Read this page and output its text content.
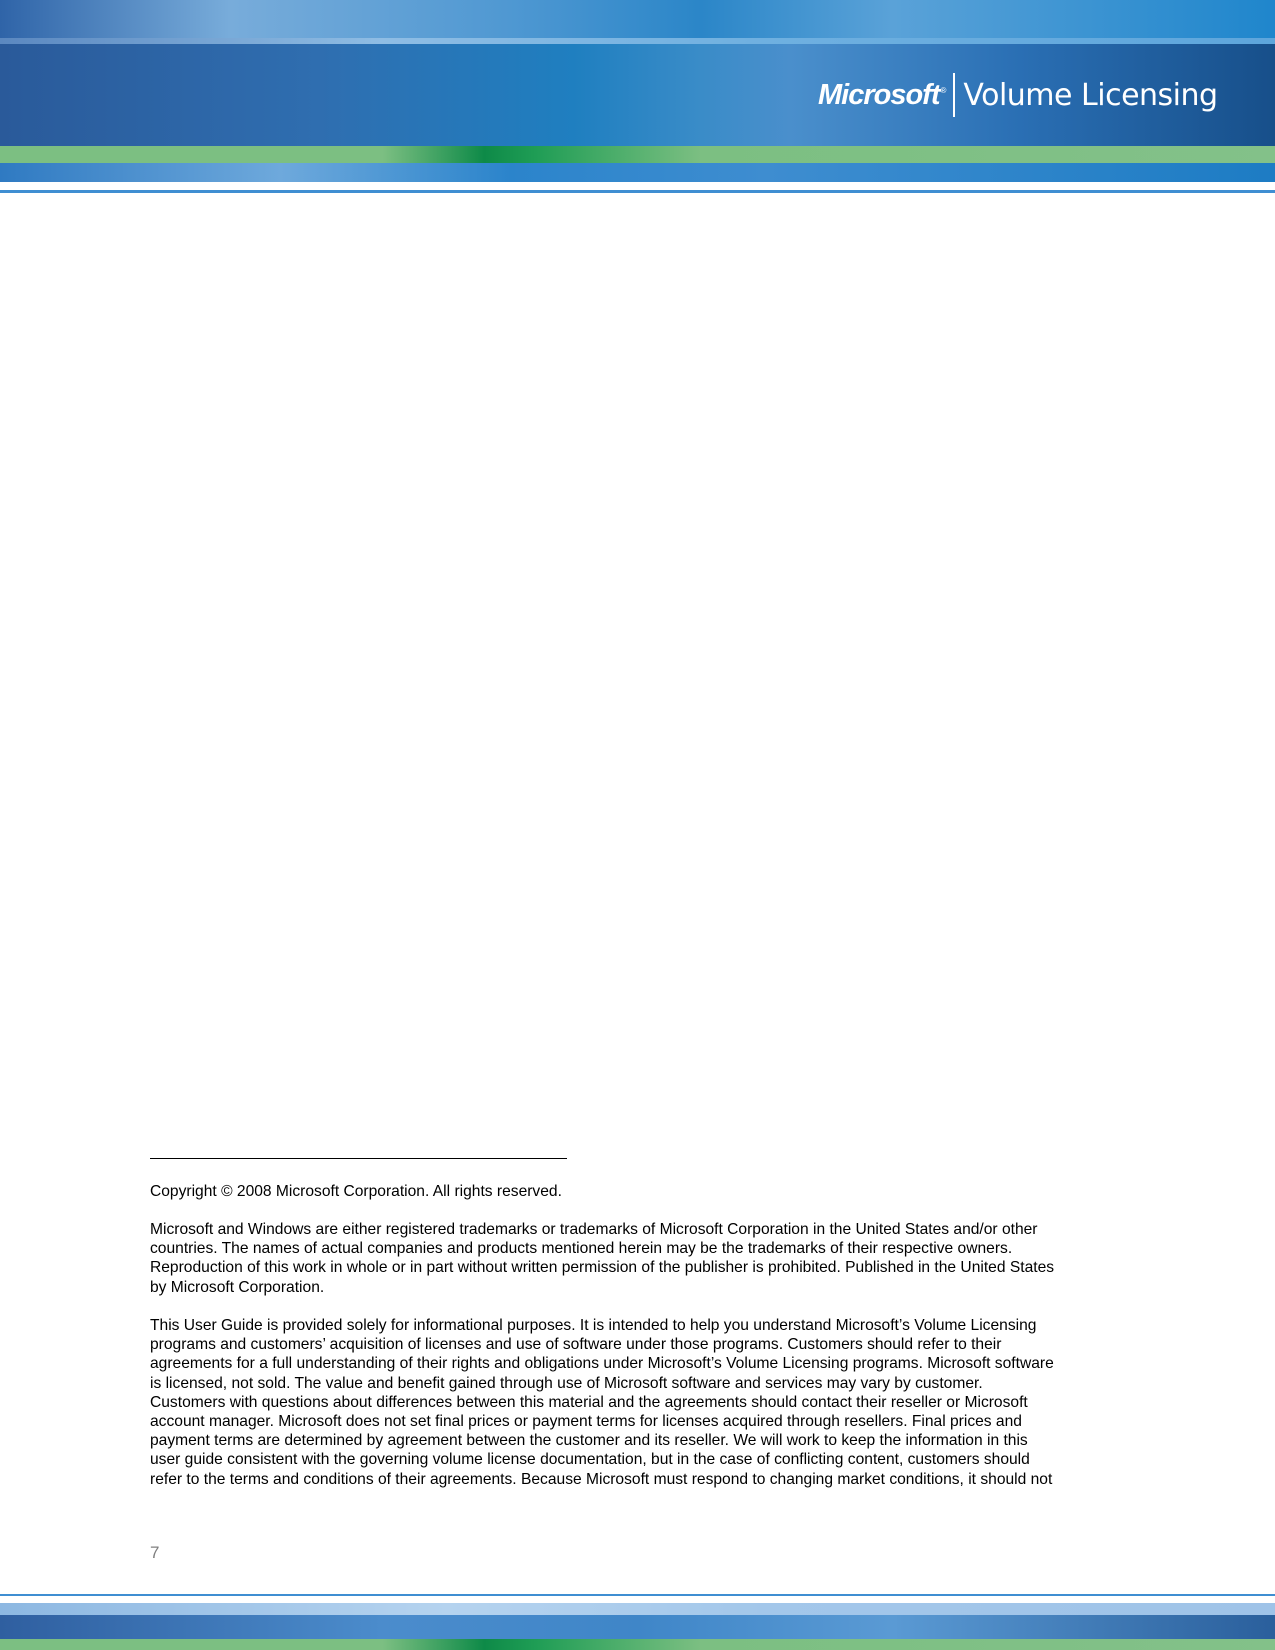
Microsoft® Volume Licensing
Copyright © 2008 Microsoft Corporation. All rights reserved.
Microsoft and Windows are either registered trademarks or trademarks of Microsoft Corporation in the United States and/or other
countries. The names of actual companies and products mentioned herein may be the trademarks of their respective owners.
Reproduction of this work in whole or in part without written permission of the publisher is prohibited. Published in the United States
by Microsoft Corporation.
This User Guide is provided solely for informational purposes. It is intended to help you understand Microsoft’s Volume Licensing
programs and customers’ acquisition of licenses and use of software under those programs. Customers should refer to their
agreements for a full understanding of their rights and obligations under Microsoft’s Volume Licensing programs. Microsoft software
is licensed, not sold. The value and benefit gained through use of Microsoft software and services may vary by customer.
Customers with questions about differences between this material and the agreements should contact their reseller or Microsoft
account manager. Microsoft does not set final prices or payment terms for licenses acquired through resellers. Final prices and
payment terms are determined by agreement between the customer and its reseller. We will work to keep the information in this
user guide consistent with the governing volume license documentation, but in the case of conflicting content, customers should
refer to the terms and conditions of their agreements. Because Microsoft must respond to changing market conditions, it should not
7
